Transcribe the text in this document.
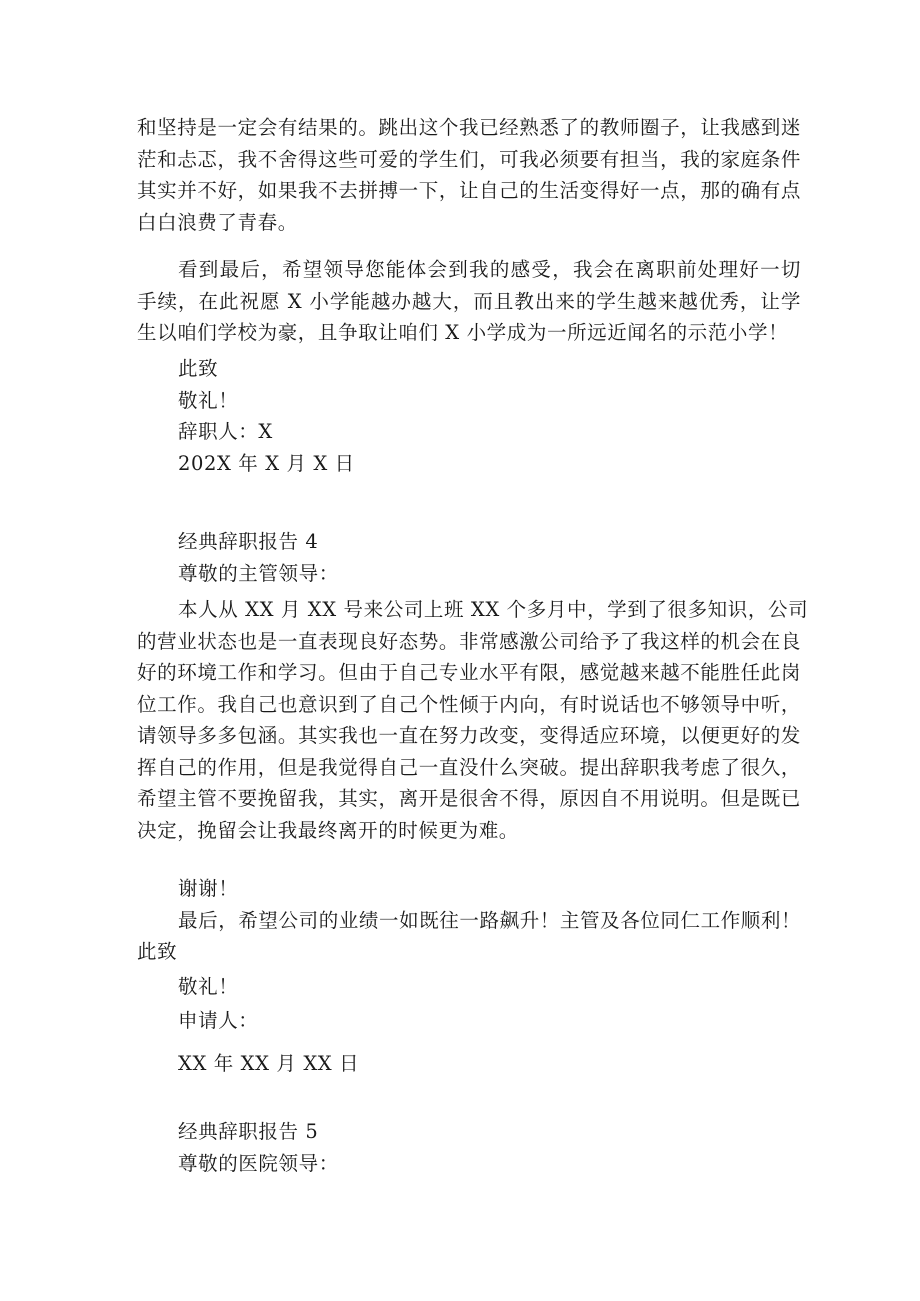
和坚持是一定会有结果的。跳出这个我已经熟悉了的教师圈子，让我感到迷
茫和忐忑，我不舍得这些可爱的学生们，可我必须要有担当，我的家庭条件
其实并不好，如果我不去拼搏一下，让自己的生活变得好一点，那的确有点
白白浪费了青春。
看到最后，希望领导您能体会到我的感受，我会在离职前处理好一切
手续，在此祝愿 X 小学能越办越大，而且教出来的学生越来越优秀，让学
生以咱们学校为豪，且争取让咱们 X 小学成为一所远近闻名的示范小学！
此致
敬礼！
辞职人：X
202X 年 X 月 X 日
经典辞职报告 4
尊敬的主管领导：
本人从 XX 月 XX 号来公司上班 XX 个多月中，学到了很多知识，公司
的营业状态也是一直表现良好态势。非常感激公司给予了我这样的机会在良
好的环境工作和学习。但由于自己专业水平有限，感觉越来越不能胜任此岗
位工作。我自己也意识到了自己个性倾于内向，有时说话也不够领导中听，
请领导多多包涵。其实我也一直在努力改变，变得适应环境，以便更好的发
挥自己的作用，但是我觉得自己一直没什么突破。提出辞职我考虑了很久，
希望主管不要挽留我，其实，离开是很舍不得，原因自不用说明。但是既已
决定，挽留会让我最终离开的时候更为难。
谢谢！
最后，希望公司的业绩一如既往一路飙升！主管及各位同仁工作顺利！
此致
敬礼！
申请人：
XX 年 XX 月 XX 日
经典辞职报告 5
尊敬的医院领导：
